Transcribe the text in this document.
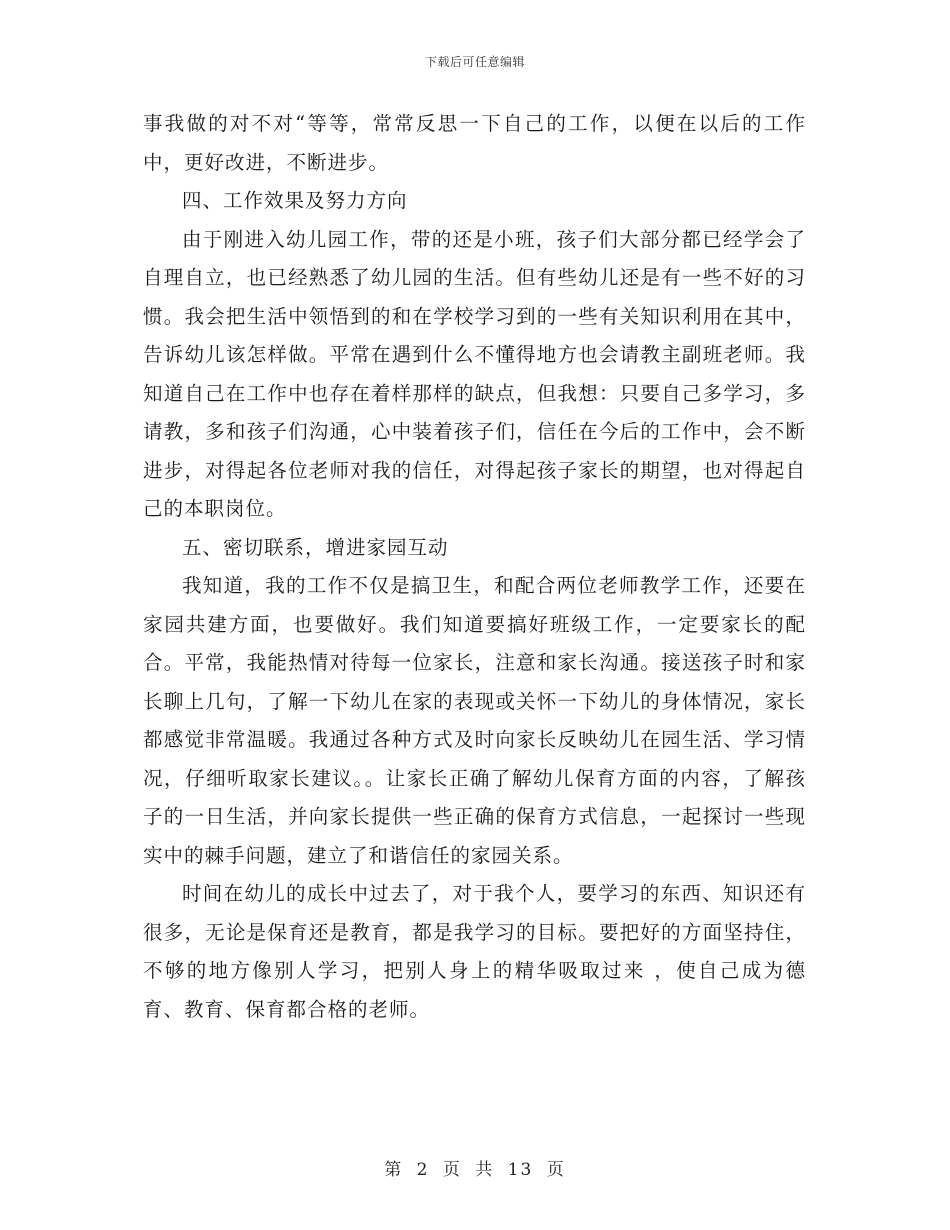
下载后可任意编辑

事我做的对不对“等等，常常反思一下自己的工作，以便在以后的工作中，更好改进，不断进步。

四、工作效果及努力方向

由于刚进入幼儿园工作，带的还是小班，孩子们大部分都已经学会了自理自立，也已经熟悉了幼儿园的生活。但有些幼儿还是有一些不好的习惯。我会把生活中领悟到的和在学校学习到的一些有关知识利用在其中，告诉幼儿该怎样做。平常在遇到什么不懂得地方也会请教主副班老师。我知道自己在工作中也存在着样那样的缺点，但我想：只要自己多学习，多请教，多和孩子们沟通，心中装着孩子们，信任在今后的工作中，会不断进步，对得起各位老师对我的信任，对得起孩子家长的期望，也对得起自己的本职岗位。

五、密切联系，增进家园互动

我知道，我的工作不仅是搞卫生，和配合两位老师教学工作，还要在家园共建方面，也要做好。我们知道要搞好班级工作，一定要家长的配合。平常，我能热情对待每一位家长，注意和家长沟通。接送孩子时和家长聊上几句，了解一下幼儿在家的表现或关怀一下幼儿的身体情况，家长都感觉非常温暖。我通过各种方式及时向家长反映幼儿在园生活、学习情况，仔细听取家长建议。。让家长正确了解幼儿保育方面的内容，了解孩子的一日生活，并向家长提供一些正确的保育方式信息，一起探讨一些现实中的棘手问题，建立了和谐信任的家园关系。

时间在幼儿的成长中过去了，对于我个人，要学习的东西、知识还有很多，无论是保育还是教育，都是我学习的目标。要把好的方面坚持住，不够的地方像别人学习，把别人身上的精华吸取过来 ，使自己成为德育、教育、保育都合格的老师。

第 2 页 共 13 页
